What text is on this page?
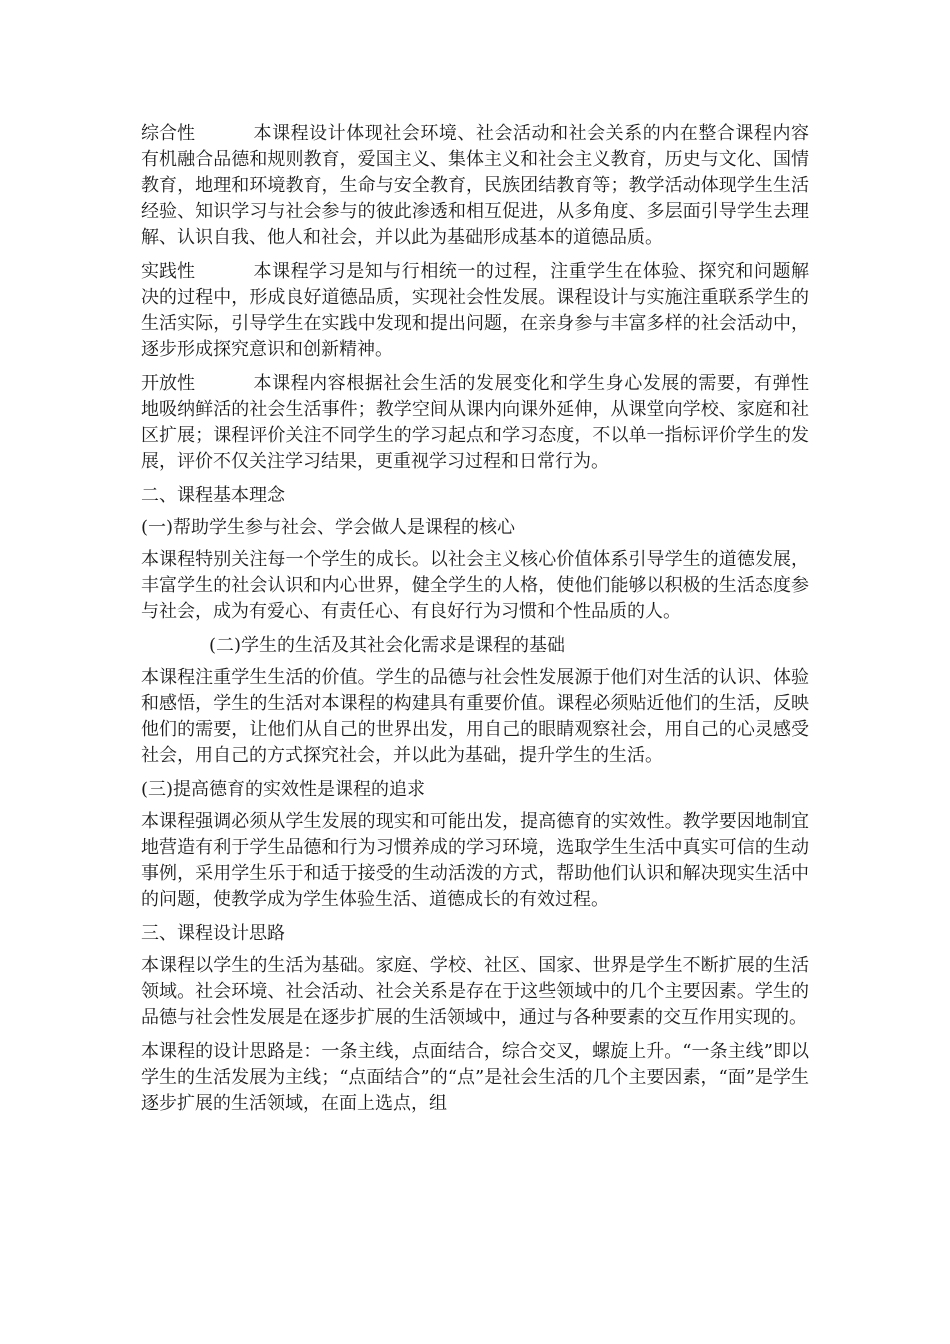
综合性	本课程设计体现社会环境、社会活动和社会关系的内在整合课程内容有机融合品德和规则教育，爱国主义、集体主义和社会主义教育，历史与文化、国情教育，地理和环境教育，生命与安全教育，民族团结教育等；教学活动体现学生生活经验、知识学习与社会参与的彼此渗透和相互促进，从多角度、多层面引导学生去理解、认识自我、他人和社会，并以此为基础形成基本的道德品质。

实践性	本课程学习是知与行相统一的过程，注重学生在体验、探究和问题解决的过程中，形成良好道德品质，实现社会性发展。课程设计与实施注重联系学生的生活实际，引导学生在实践中发现和提出问题，在亲身参与丰富多样的社会活动中，逐步形成探究意识和创新精神。

开放性	本课程内容根据社会生活的发展变化和学生身心发展的需要，有弹性地吸纳鲜活的社会生活事件；教学空间从课内向课外延伸，从课堂向学校、家庭和社区扩展；课程评价关注不同学生的学习起点和学习态度，不以单一指标评价学生的发展，评价不仅关注学习结果，更重视学习过程和日常行为。

二、课程基本理念

(一)帮助学生参与社会、学会做人是课程的核心

本课程特别关注每一个学生的成长。以社会主义核心价值体系引导学生的道德发展，丰富学生的社会认识和内心世界，健全学生的人格，使他们能够以积极的生活态度参与社会，成为有爱心、有责任心、有良好行为习惯和个性品质的人。

(二)学生的生活及其社会化需求是课程的基础

本课程注重学生生活的价值。学生的品德与社会性发展源于他们对生活的认识、体验和感悟，学生的生活对本课程的构建具有重要价值。课程必须贴近他们的生活，反映他们的需要，让他们从自己的世界出发，用自己的眼睛观察社会，用自己的心灵感受社会，用自己的方式探究社会，并以此为基础，提升学生的生活。

(三)提高德育的实效性是课程的追求

本课程强调必须从学生发展的现实和可能出发，提高德育的实效性。教学要因地制宜地营造有利于学生品德和行为习惯养成的学习环境，选取学生生活中真实可信的生动事例，采用学生乐于和适于接受的生动活泼的方式，帮助他们认识和解决现实生活中的问题，使教学成为学生体验生活、道德成长的有效过程。

三、课程设计思路

本课程以学生的生活为基础。家庭、学校、社区、国家、世界是学生不断扩展的生活领域。社会环境、社会活动、社会关系是存在于这些领域中的几个主要因素。学生的品德与社会性发展是在逐步扩展的生活领域中，通过与各种要素的交互作用实现的。

本课程的设计思路是：一条主线，点面结合，综合交叉，螺旋上升。“一条主线”即以学生的生活发展为主线；“点面结合”的“点”是社会生活的几个主要因素，“面”是学生逐步扩展的生活领域，在面上选点，组
